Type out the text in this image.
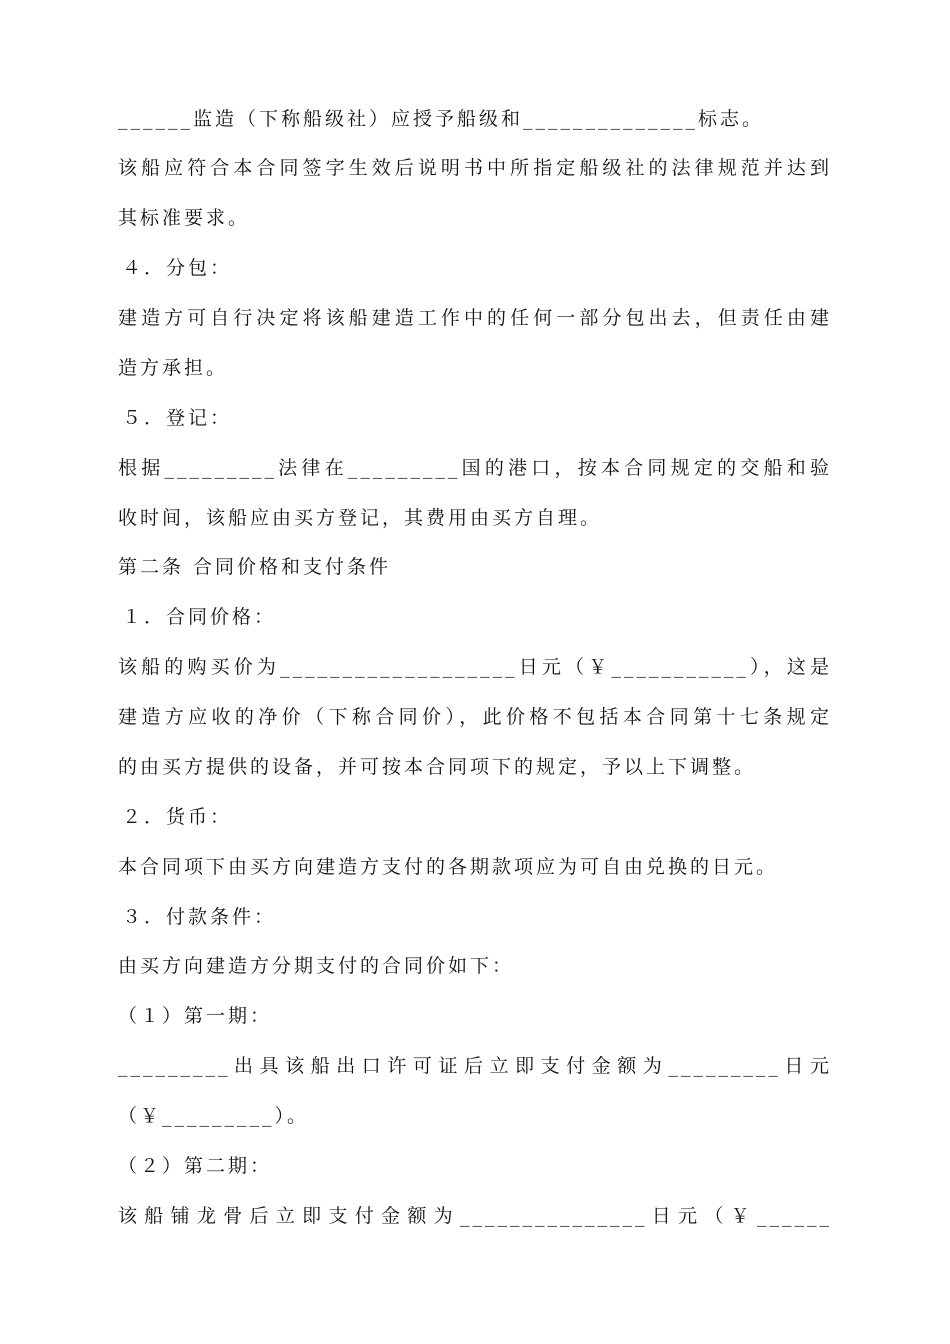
______监造（下称船级社）应授予船级和______________标志。
该船应符合本合同签字生效后说明书中所指定船级社的法律规范并达到
其标准要求。
４．分包：
建造方可自行决定将该船建造工作中的任何一部分包出去，但责任由建
造方承担。
５．登记：
根据_________法律在_________国的港口，按本合同规定的交船和验
收时间，该船应由买方登记，其费用由买方自理。
第二条 合同价格和支付条件
１．合同价格：
该船的购买价为___________________日元（￥___________），这是
建造方应收的净价（下称合同价），此价格不包括本合同第十七条规定
的由买方提供的设备，并可按本合同项下的规定，予以上下调整。
２．货币：
本合同项下由买方向建造方支付的各期款项应为可自由兑换的日元。
３．付款条件：
由买方向建造方分期支付的合同价如下：
（１）第一期：
_________出具该船出口许可证后立即支付金额为_________日元
（￥_________）。
（２）第二期：
该船铺龙骨后立即支付金额为_______________日元（￥______
